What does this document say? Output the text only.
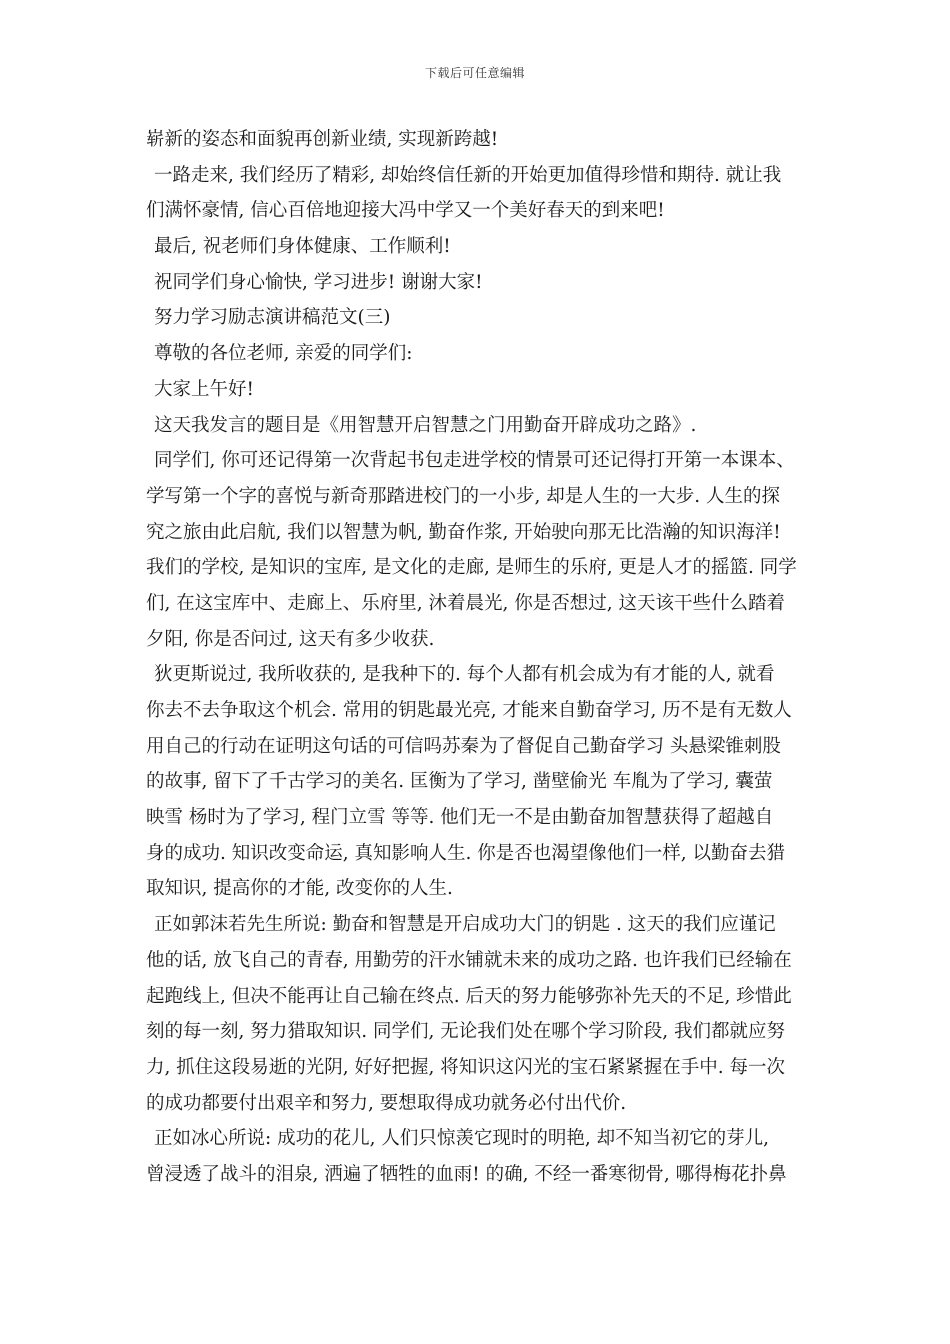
下载后可任意编辑
崭新的姿态和面貌再创新业绩, 实现新跨越!
一路走来, 我们经历了精彩, 却始终信任新的开始更加值得珍惜和期待. 就让我
们满怀豪情, 信心百倍地迎接大冯中学又一个美好春天的到来吧!
最后, 祝老师们身体健康、工作顺利!
祝同学们身心愉快, 学习进步! 谢谢大家!
努力学习励志演讲稿范文(三)
尊敬的各位老师, 亲爱的同学们:
大家上午好!
这天我发言的题目是《用智慧开启智慧之门用勤奋开辟成功之路》.
同学们, 你可还记得第一次背起书包走进学校的情景可还记得打开第一本课本、
学写第一个字的喜悦与新奇那踏进校门的一小步, 却是人生的一大步. 人生的探
究之旅由此启航, 我们以智慧为帆, 勤奋作浆, 开始驶向那无比浩瀚的知识海洋!
我们的学校, 是知识的宝库, 是文化的走廊, 是师生的乐府, 更是人才的摇篮. 同学
们, 在这宝库中、走廊上、乐府里, 沐着晨光, 你是否想过, 这天该干些什么踏着
夕阳, 你是否问过, 这天有多少收获.
狄更斯说过, 我所收获的, 是我种下的. 每个人都有机会成为有才能的人, 就看
你去不去争取这个机会. 常用的钥匙最光亮, 才能来自勤奋学习, 历不是有无数人
用自己的行动在证明这句话的可信吗苏秦为了督促自己勤奋学习 头悬梁锥刺股
的故事, 留下了千古学习的美名. 匡衡为了学习, 凿壁偷光 车胤为了学习, 囊萤
映雪 杨时为了学习, 程门立雪 等等. 他们无一不是由勤奋加智慧获得了超越自
身的成功. 知识改变命运, 真知影响人生. 你是否也渴望像他们一样, 以勤奋去猎
取知识, 提高你的才能, 改变你的人生.
正如郭沫若先生所说: 勤奋和智慧是开启成功大门的钥匙 . 这天的我们应谨记
他的话, 放飞自己的青春, 用勤劳的汗水铺就未来的成功之路. 也许我们已经输在
起跑线上, 但决不能再让自己输在终点. 后天的努力能够弥补先天的不足, 珍惜此
刻的每一刻, 努力猎取知识. 同学们, 无论我们处在哪个学习阶段, 我们都就应努
力, 抓住这段易逝的光阴, 好好把握, 将知识这闪光的宝石紧紧握在手中. 每一次
的成功都要付出艰辛和努力, 要想取得成功就务必付出代价.
正如冰心所说: 成功的花儿, 人们只惊羡它现时的明艳, 却不知当初它的芽儿,
曾浸透了战斗的泪泉, 洒遍了牺牲的血雨! 的确, 不经一番寒彻骨, 哪得梅花扑鼻
